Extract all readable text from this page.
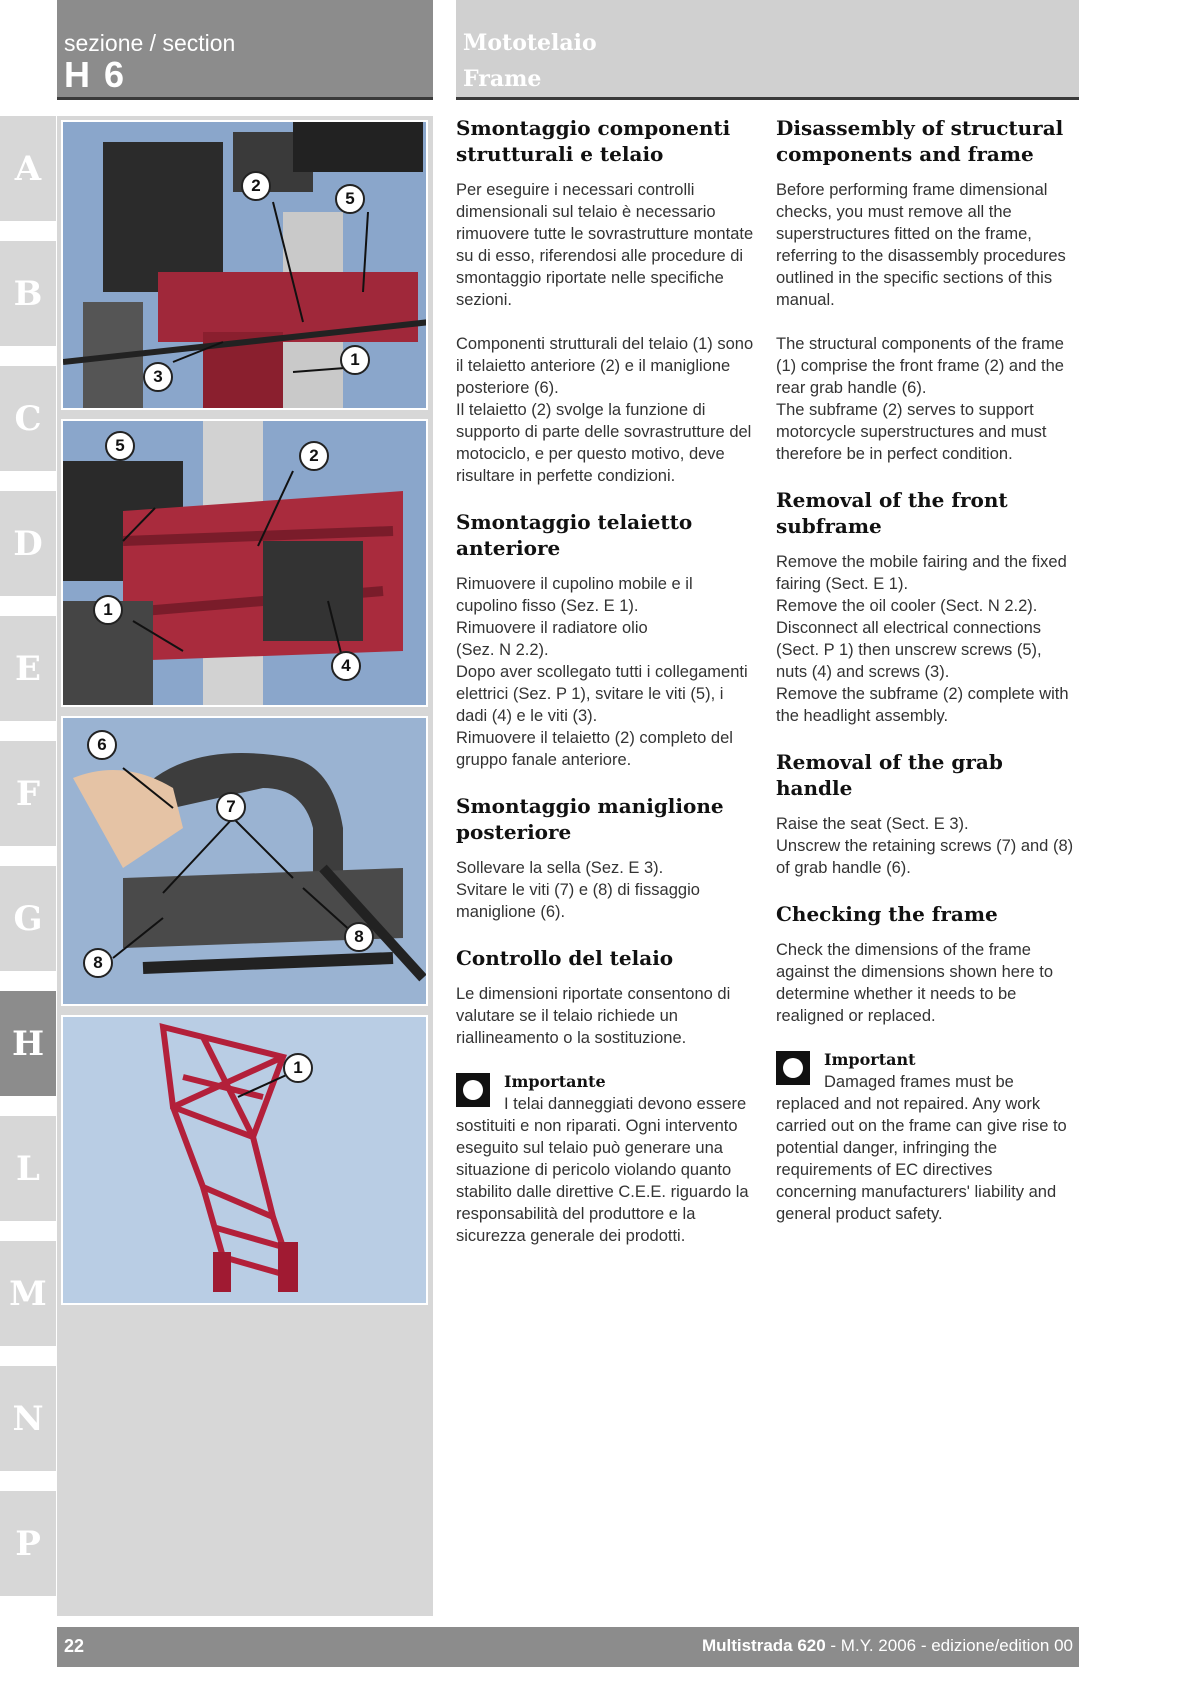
sezione / section
H 6
Mototelaio
Frame
A
B
C
D
E
F
G
H
L
M
N
P
2
5
1
3
5
2
1
4
6
7
8
8
1
Smontaggio componenti strutturali e telaio

Per eseguire i necessari controlli dimensionali sul telaio è necessario rimuovere tutte le sovrastrutture montate su di esso, riferendosi alle procedure di smontaggio riportate nelle specifiche sezioni.

Componenti strutturali del telaio (1) sono il telaietto anteriore (2) e il maniglione posteriore (6).
Il telaietto (2) svolge la funzione di supporto di parte delle sovrastrutture del motociclo, e per questo motivo, deve risultare in perfette condizioni.

Smontaggio telaietto anteriore

Rimuovere il cupolino mobile e il cupolino fisso (Sez. E 1).
Rimuovere il radiatore olio
(Sez. N 2.2).
Dopo aver scollegato tutti i collegamenti elettrici (Sez. P 1), svitare le viti (5), i dadi (4) e le viti (3).
Rimuovere il telaietto (2) completo del gruppo fanale anteriore.

Smontaggio maniglione posteriore

Sollevare la sella (Sez. E 3).
Svitare le viti (7) e (8) di fissaggio maniglione (6).

Controllo del telaio

Le dimensioni riportate consentono di valutare se il telaio richiede un riallineamento o la sostituzione.

Importante

I telai danneggiati devono essere sostituiti e non riparati. Ogni intervento eseguito sul telaio può generare una situazione di pericolo violando quanto stabilito dalle direttive C.E.E. riguardo la responsabilità del produttore e la sicurezza generale dei prodotti.

Disassembly of structural components and frame

Before performing frame dimensional checks, you must remove all the superstructures fitted on the frame, referring to the disassembly procedures outlined in the specific sections of this manual.

The structural components of the frame (1) comprise the front frame (2) and the rear grab handle (6).
The subframe (2) serves to support motorcycle superstructures and must therefore be in perfect condition.

Removal of the front subframe

Remove the mobile fairing and the fixed fairing (Sect. E 1).
Remove the oil cooler (Sect. N 2.2).
Disconnect all electrical connections (Sect. P 1) then unscrew screws (5), nuts (4) and screws (3).
Remove the subframe (2) complete with the headlight assembly.

Removal of the grab handle

Raise the seat (Sect. E 3).
Unscrew the retaining screws (7) and (8) of grab handle (6).

Checking the frame

Check the dimensions of the frame against the dimensions shown here to determine whether it needs to be realigned or replaced.

Important

Damaged frames must be replaced and not repaired. Any work carried out on the frame can give rise to potential danger, infringing the requirements of EC directives concerning manufacturers' liability and general product safety.

22	Multistrada 620 - M.Y. 2006 - edizione/edition 00
